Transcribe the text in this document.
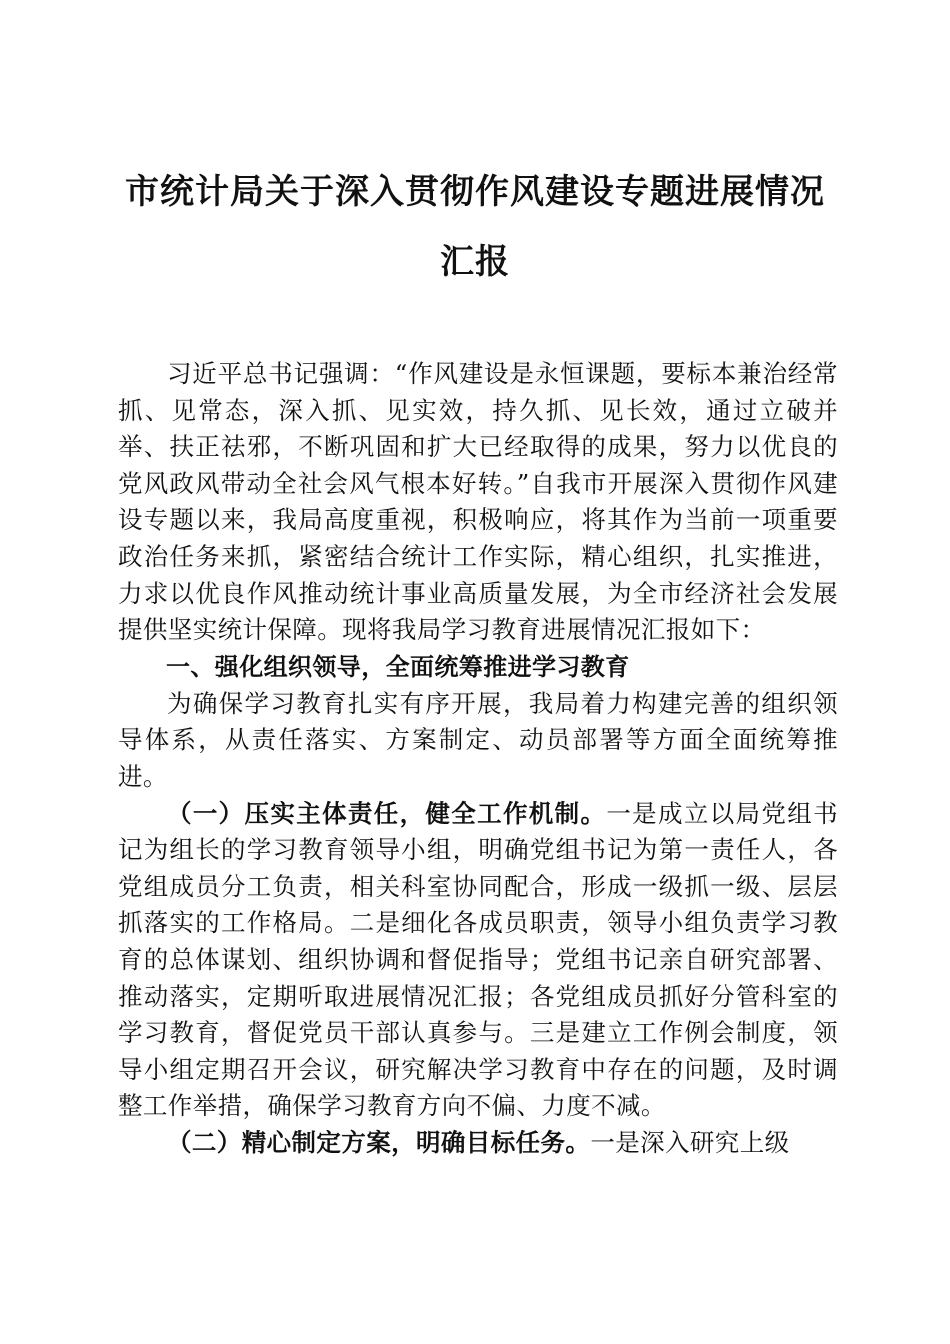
市统计局关于深入贯彻作风建设专题进展情况
汇报

习近平总书记强调：“作风建设是永恒课题，要标本兼治经常抓、见常态，深入抓、见实效，持久抓、见长效，通过立破并举、扶正祛邪，不断巩固和扩大已经取得的成果，努力以优良的党风政风带动全社会风气根本好转。”自我市开展深入贯彻作风建设专题以来，我局高度重视，积极响应，将其作为当前一项重要政治任务来抓，紧密结合统计工作实际，精心组织，扎实推进，力求以优良作风推动统计事业高质量发展，为全市经济社会发展提供坚实统计保障。现将我局学习教育进展情况汇报如下：

一、强化组织领导，全面统筹推进学习教育

为确保学习教育扎实有序开展，我局着力构建完善的组织领导体系，从责任落实、方案制定、动员部署等方面全面统筹推进。

（一）压实主体责任，健全工作机制。一是成立以局党组书记为组长的学习教育领导小组，明确党组书记为第一责任人，各党组成员分工负责，相关科室协同配合，形成一级抓一级、层层抓落实的工作格局。二是细化各成员职责，领导小组负责学习教育的总体谋划、组织协调和督促指导；党组书记亲自研究部署、推动落实，定期听取进展情况汇报；各党组成员抓好分管科室的学习教育，督促党员干部认真参与。三是建立工作例会制度，领导小组定期召开会议，研究解决学习教育中存在的问题，及时调整工作举措，确保学习教育方向不偏、力度不减。

（二）精心制定方案，明确目标任务。一是深入研究上级
